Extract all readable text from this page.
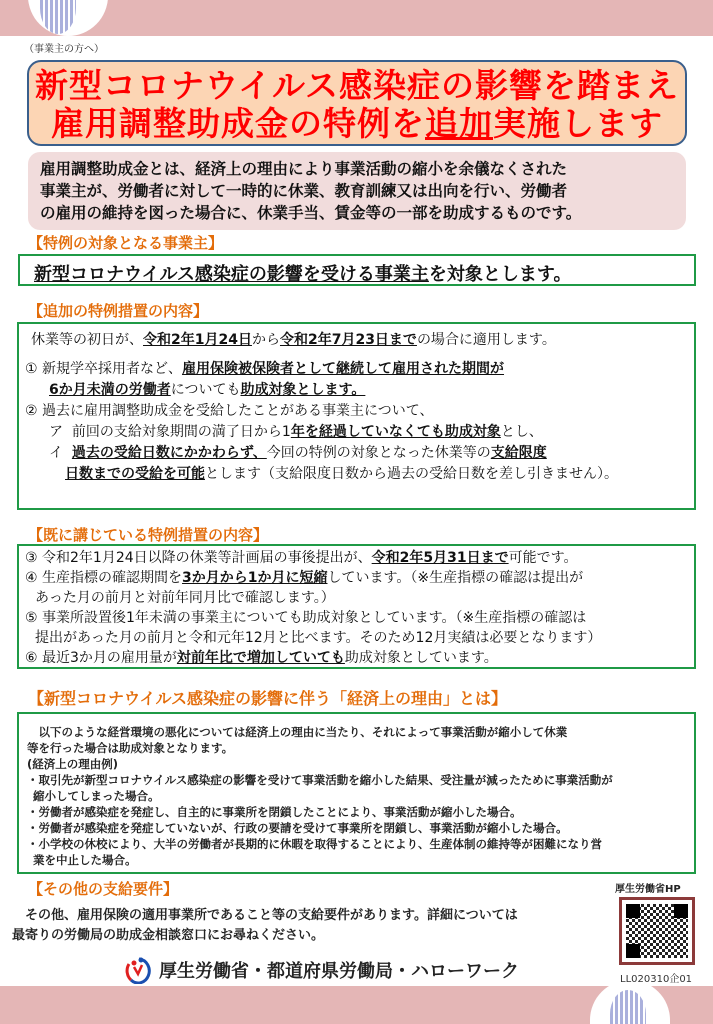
（事業主の方へ）
新型コロナウイルス感染症の影響を踏まえ
雇用調整助成金の特例を追加実施します
雇用調整助成金とは、経済上の理由により事業活動の縮小を余儀なくされた
事業主が、労働者に対して一時的に休業、教育訓練又は出向を行い、労働者
の雇用の維持を図った場合に、休業手当、賃金等の一部を助成するものです。
【特例の対象となる事業主】
新型コロナウイルス感染症の影響を受ける事業主を対象とします。
【追加の特例措置の内容】
休業等の初日が、令和2年1月24日から令和2年7月23日までの場合に適用します。
① 新規学卒採用者など、雇用保険被保険者として継続して雇用された期間が
6か月未満の労働者についても助成対象とします。
② 過去に雇用調整助成金を受給したことがある事業主について、
ア 前回の支給対象期間の満了日から1年を経過していなくても助成対象とし、
イ 過去の受給日数にかかわらず、今回の特例の対象となった休業等の支給限度
日数までの受給を可能とします（支給限度日数から過去の受給日数を差し引きません）。
【既に講じている特例措置の内容】
③ 令和2年1月24日以降の休業等計画届の事後提出が、令和2年5月31日まで可能です。
④ 生産指標の確認期間を3か月から1か月に短縮しています。（※生産指標の確認は提出が
あった月の前月と対前年同月比で確認します。）
⑤ 事業所設置後1年未満の事業主についても助成対象としています。（※生産指標の確認は
提出があった月の前月と令和元年12月と比べます。そのため12月実績は必要となります）
⑥ 最近3か月の雇用量が対前年比で増加していても助成対象としています。
【新型コロナウイルス感染症の影響に伴う「経済上の理由」とは】
　以下のような経営環境の悪化については経済上の理由に当たり、それによって事業活動が縮小して休業
等を行った場合は助成対象となります。
(経済上の理由例)
・取引先が新型コロナウイルス感染症の影響を受けて事業活動を縮小した結果、受注量が減ったために事業活動が
縮小してしまった場合。
・労働者が感染症を発症し、自主的に事業所を閉鎖したことにより、事業活動が縮小した場合。
・労働者が感染症を発症していないが、行政の要請を受けて事業所を閉鎖し、事業活動が縮小した場合。
・小学校の休校により、大半の労働者が長期的に休暇を取得することにより、生産体制の維持等が困難になり営
業を中止した場合。
【その他の支給要件】
　その他、雇用保険の適用事業所であること等の支給要件があります。詳細については
最寄りの労働局の助成金相談窓口にお尋ねください。
厚生労働省・都道府県労働局・ハローワーク
厚生労働省HP
LL020310企01
